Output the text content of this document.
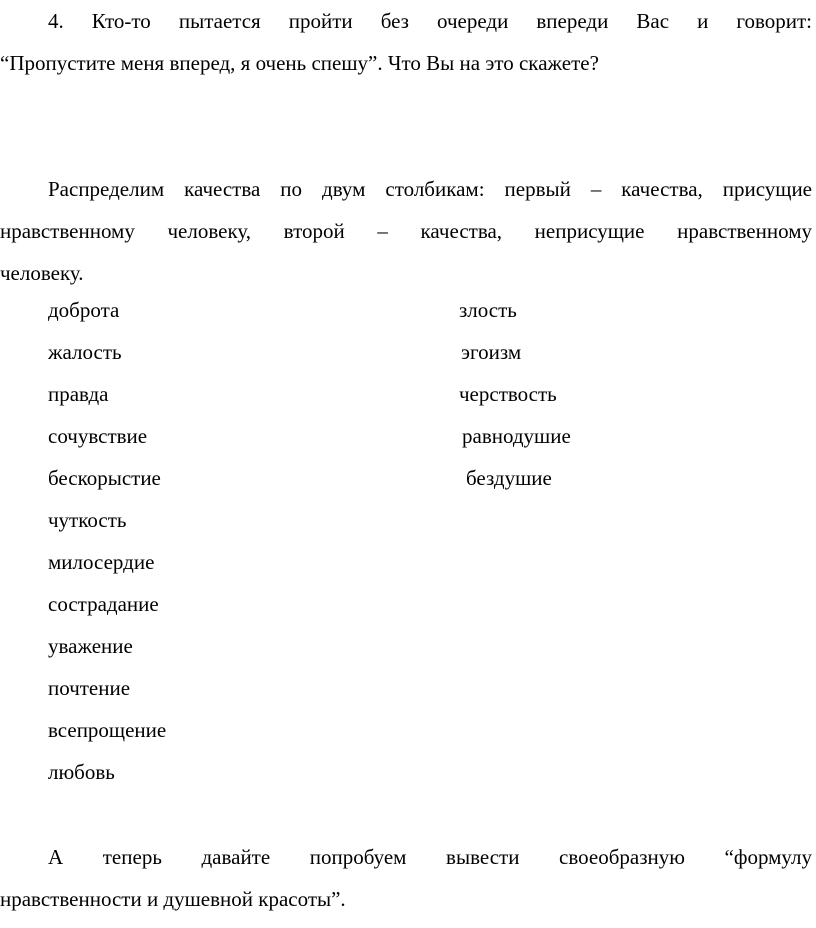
4. Кто-то пытается пройти без очереди впереди Вас и говорит:
“Пропустите меня вперед, я очень спешу”. Что Вы на это скажете?
Распределим качества по двум столбикам: первый – качества, присущие
нравственному человеку, второй – качества, неприсущие нравственному
человеку.
доброта
жалость
правда
сочувствие
бескорыстие
чуткость
милосердие
сострадание
уважение
почтение
всепрощение
любовь
злость
эгоизм
черствость
равнодушие
бездушие
А теперь давайте попробуем вывести своеобразную “формулу
нравственности и душевной красоты”.
